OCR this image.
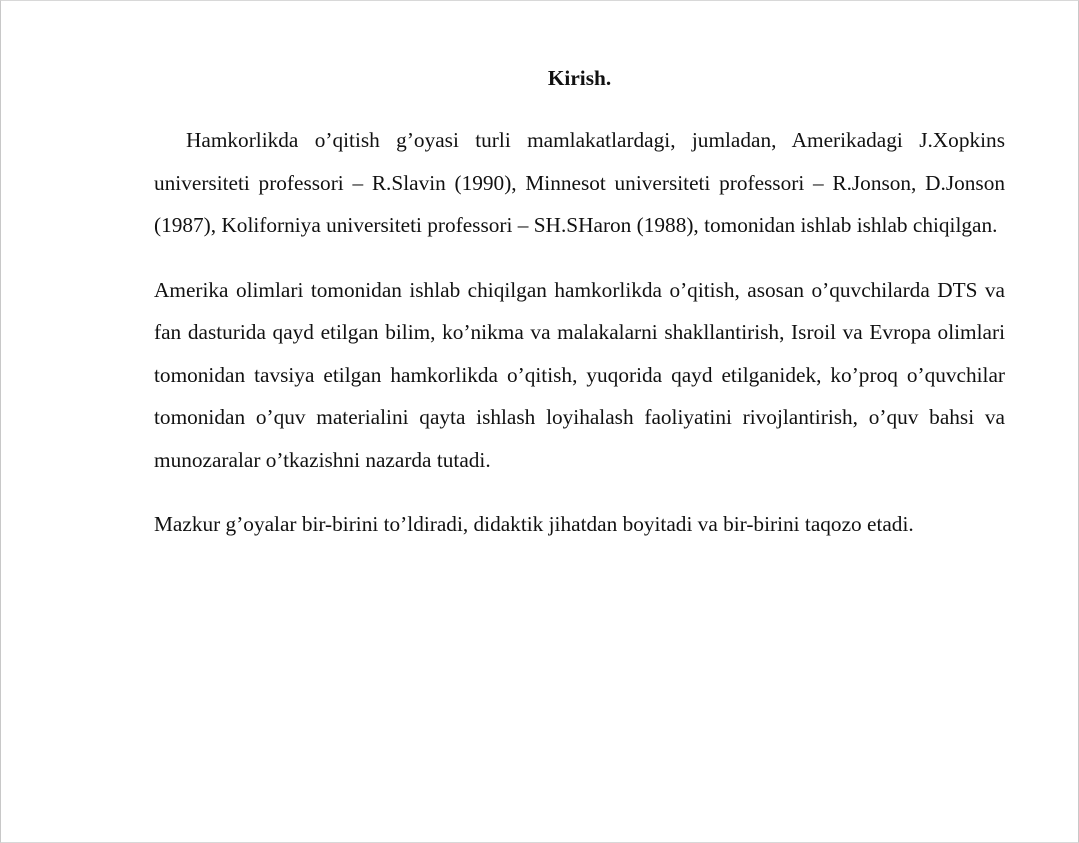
Kirish.

Hamkorlikda o’qitish g’oyasi turli mamlakatlardagi, jumladan, Amerikadagi J.Xopkins universiteti professori – R.Slavin (1990), Minnesot universiteti professori – R.Jonson, D.Jonson (1987), Koliforniya universiteti professori – SH.SHaron (1988), tomonidan ishlab ishlab chiqilgan.

Amerika olimlari tomonidan ishlab chiqilgan hamkorlikda o’qitish, asosan o’quvchilarda DTS va fan dasturida qayd etilgan bilim, ko’nikma va malakalarni shakllantirish, Isroil va Evropa olimlari tomonidan tavsiya etilgan hamkorlikda o’qitish, yuqorida qayd etilganidek, ko’proq o’quvchilar tomonidan o’quv materialini qayta ishlash loyihalash faoliyatini rivojlantirish, o’quv bahsi va munozaralar o’tkazishni nazarda tutadi.

Mazkur g’oyalar bir-birini to’ldiradi, didaktik jihatdan boyitadi va bir-birini taqozo etadi.
